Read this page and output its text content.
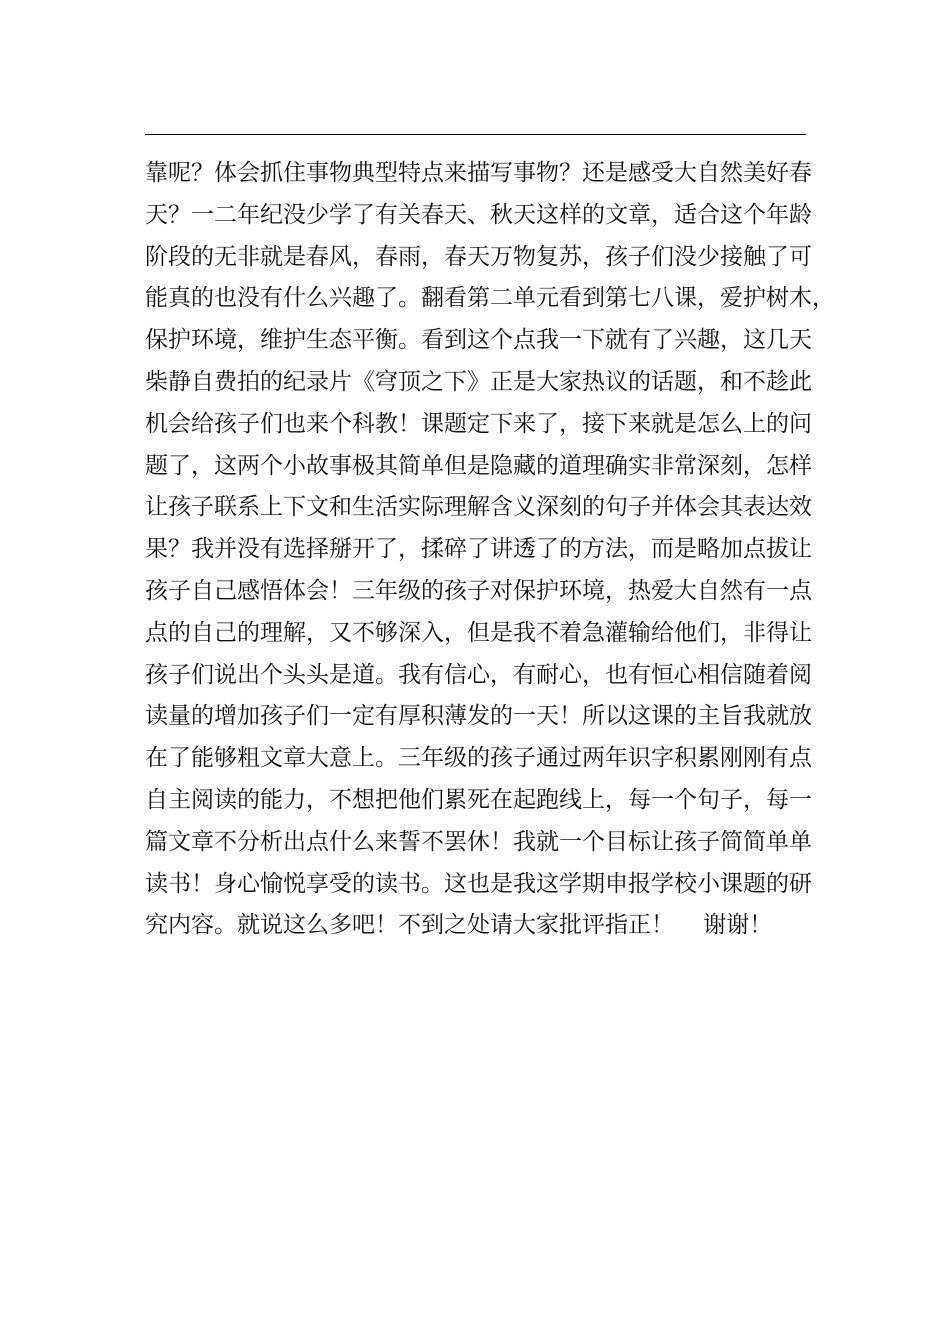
靠呢？体会抓住事物典型特点来描写事物？还是感受大自然美好春
天？一二年纪没少学了有关春天、秋天这样的文章，适合这个年龄
阶段的无非就是春风，春雨，春天万物复苏，孩子们没少接触了可
能真的也没有什么兴趣了。翻看第二单元看到第七八课，爱护树木，
保护环境，维护生态平衡。看到这个点我一下就有了兴趣，这几天
柴静自费拍的纪录片《穹顶之下》正是大家热议的话题，和不趁此
机会给孩子们也来个科教！课题定下来了，接下来就是怎么上的问
题了，这两个小故事极其简单但是隐藏的道理确实非常深刻，怎样
让孩子联系上下文和生活实际理解含义深刻的句子并体会其表达效
果？我并没有选择掰开了，揉碎了讲透了的方法，而是略加点拔让
孩子自己感悟体会！三年级的孩子对保护环境，热爱大自然有一点
点的自己的理解，又不够深入，但是我不着急灌输给他们，非得让
孩子们说出个头头是道。我有信心，有耐心，也有恒心相信随着阅
读量的增加孩子们一定有厚积薄发的一天！所以这课的主旨我就放
在了能够粗文章大意上。三年级的孩子通过两年识字积累刚刚有点
自主阅读的能力，不想把他们累死在起跑线上，每一个句子，每一
篇文章不分析出点什么来誓不罢休！我就一个目标让孩子简简单单
读书！身心愉悦享受的读书。这也是我这学期申报学校小课题的研
究内容。就说这么多吧！不到之处请大家批评指正！    谢谢！
